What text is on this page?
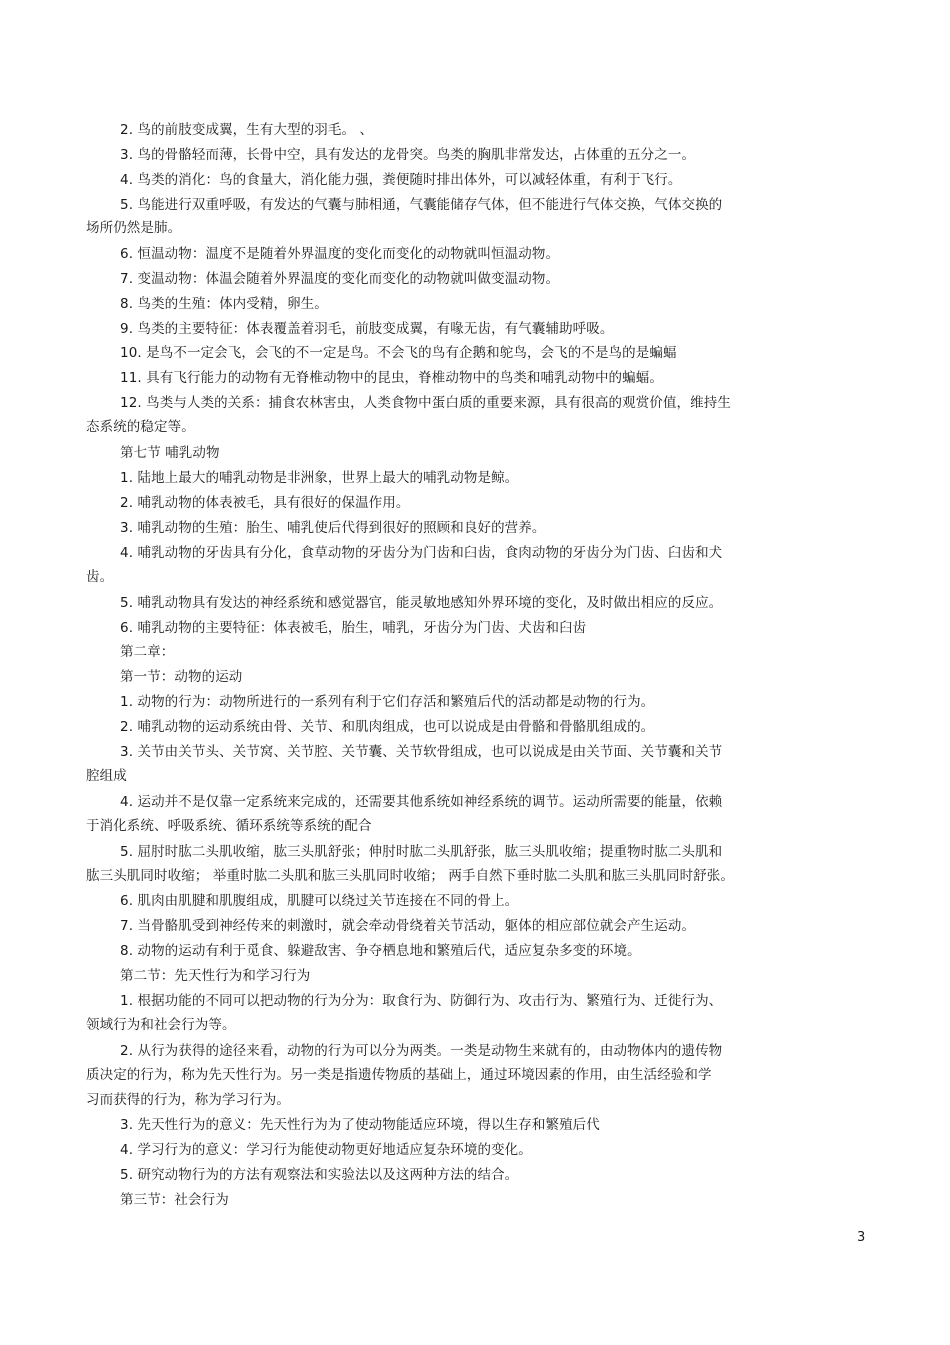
2. 鸟的前肢变成翼，生有大型的羽毛。 、
3. 鸟的骨骼轻而薄，长骨中空，具有发达的龙骨突。鸟类的胸肌非常发达，占体重的五分之一。
4. 鸟类的消化：鸟的食量大，消化能力强，粪便随时排出体外，可以减轻体重，有利于飞行。
5. 鸟能进行双重呼吸，有发达的气囊与肺相通，气囊能储存气体，但不能进行气体交换，气体交换的
场所仍然是肺。
6. 恒温动物：温度不是随着外界温度的变化而变化的动物就叫恒温动物。
7. 变温动物：体温会随着外界温度的变化而变化的动物就叫做变温动物。
8. 鸟类的生殖：体内受精，卵生。
9. 鸟类的主要特征：体表覆盖着羽毛，前肢变成翼，有喙无齿，有气囊辅助呼吸。
10. 是鸟不一定会飞，会飞的不一定是鸟。不会飞的鸟有企鹅和鸵鸟，会飞的不是鸟的是蝙蝠
11. 具有飞行能力的动物有无脊椎动物中的昆虫，脊椎动物中的鸟类和哺乳动物中的蝙蝠。
12. 鸟类与人类的关系：捕食农林害虫，人类食物中蛋白质的重要来源，具有很高的观赏价值，维持生
态系统的稳定等。
第七节 哺乳动物
1. 陆地上最大的哺乳动物是非洲象，世界上最大的哺乳动物是鲸。
2. 哺乳动物的体表被毛，具有很好的保温作用。
3. 哺乳动物的生殖：胎生、哺乳使后代得到很好的照顾和良好的营养。
4. 哺乳动物的牙齿具有分化，食草动物的牙齿分为门齿和臼齿，食肉动物的牙齿分为门齿、臼齿和犬
齿。
5. 哺乳动物具有发达的神经系统和感觉器官，能灵敏地感知外界环境的变化，及时做出相应的反应。
6. 哺乳动物的主要特征：体表被毛，胎生，哺乳，牙齿分为门齿、犬齿和臼齿
第二章：
第一节：动物的运动
1. 动物的行为：动物所进行的一系列有利于它们存活和繁殖后代的活动都是动物的行为。
2. 哺乳动物的运动系统由骨、关节、和肌肉组成，也可以说成是由骨骼和骨骼肌组成的。
3. 关节由关节头、关节窝、关节腔、关节囊、关节软骨组成，也可以说成是由关节面、关节囊和关节
腔组成
4. 运动并不是仅靠一定系统来完成的，还需要其他系统如神经系统的调节。运动所需要的能量，依赖
于消化系统、呼吸系统、循环系统等系统的配合
5. 屈肘时肱二头肌收缩，肱三头肌舒张；伸肘时肱二头肌舒张，肱三头肌收缩；提重物时肱二头肌和
肱三头肌同时收缩； 举重时肱二头肌和肱三头肌同时收缩； 两手自然下垂时肱二头肌和肱三头肌同时舒张。
6. 肌肉由肌腱和肌腹组成，肌腱可以绕过关节连接在不同的骨上。
7. 当骨骼肌受到神经传来的刺激时，就会牵动骨绕着关节活动，躯体的相应部位就会产生运动。
8. 动物的运动有利于觅食、躲避敌害、争夺栖息地和繁殖后代，适应复杂多变的环境。
第二节：先天性行为和学习行为
1. 根据功能的不同可以把动物的行为分为：取食行为、防御行为、攻击行为、繁殖行为、迁徙行为、
领域行为和社会行为等。
2. 从行为获得的途径来看，动物的行为可以分为两类。一类是动物生来就有的，由动物体内的遗传物
质决定的行为，称为先天性行为。另一类是指遗传物质的基础上，通过环境因素的作用，由生活经验和学
习而获得的行为，称为学习行为。
3. 先天性行为的意义：先天性行为为了使动物能适应环境，得以生存和繁殖后代
4. 学习行为的意义：学习行为能使动物更好地适应复杂环境的变化。
5. 研究动物行为的方法有观察法和实验法以及这两种方法的结合。
第三节：社会行为
3
